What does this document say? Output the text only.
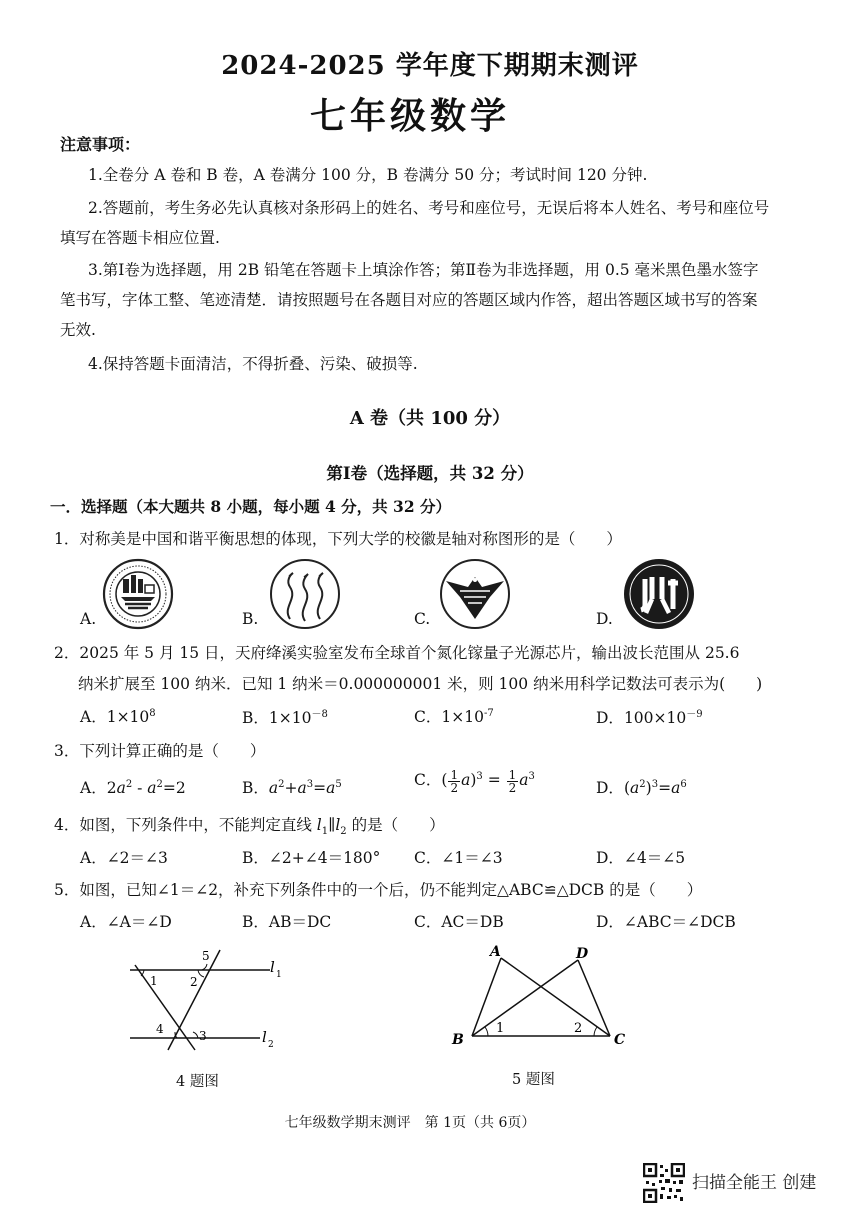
2024-2025 学年度下期期末测评
七年级数学
注意事项：
1.全卷分 A 卷和 B 卷，A 卷满分 100 分，B 卷满分 50 分；考试时间 120 分钟.
2.答题前，考生务必先认真核对条形码上的姓名、考号和座位号，无误后将本人姓名、考号和座位号填写在答题卡相应位置.
3.第Ⅰ卷为选择题，用 2B 铅笔在答题卡上填涂作答；第Ⅱ卷为非选择题，用 0.5 毫米黑色墨水签字笔书写，字体工整、笔迹清楚．请按照题号在各题目对应的答题区域内作答，超出答题区域书写的答案无效.
4.保持答题卡面清洁，不得折叠、污染、破损等.
A 卷（共 100 分）
第Ⅰ卷（选择题，共 32 分）
一．选择题（本大题共 8 小题，每小题 4 分，共 32 分）
1．对称美是中国和谐平衡思想的体现，下列大学的校徽是轴对称图形的是（　　）
A.	B.	C.	D.
2．2025 年 5 月 15 日，天府绛溪实验室发布全球首个氮化镓量子光源芯片，输出波长范围从 25.6
纳米扩展至 100 纳米．已知 1 纳米＝0.000000001 米，则 100 纳米用科学记数法可表示为(　　)
A．$1\times 10^8$	B．$1\times 10^{-8}$	C．$1\times 10^{-7}$	D．$100\times 10^{-9}$
3．下列计算正确的是（　　）
A．$2a^2 - a^2=2$	B．$a^2+a^3=a^5$	C．( $\frac{1}{2} a)^3 = \frac{1}{2} a^3$
D．$(a^2)^3=a^6$
4．如图，下列条件中，不能判定直线 $l_1\parallel l_2$ 的是（　　）
A．∠2＝∠3	B．∠2+∠4＝180° C．∠1＝∠3	D．∠4＝∠5
5．如图，已知∠1＝∠2，补充下列条件中的一个后，仍不能判定△ABC≌△DCB 的是（　　）
A．∠A＝∠D	B．AB＝DC	C．AC＝DB	D．∠ABC＝∠DCB
1	2
3
4
5
l 1
l 2
4 题图
A	D
B	C
1	2
5 题图
七年级数学期末测评　第 1页（共 6页）
扫描全能王 创建
